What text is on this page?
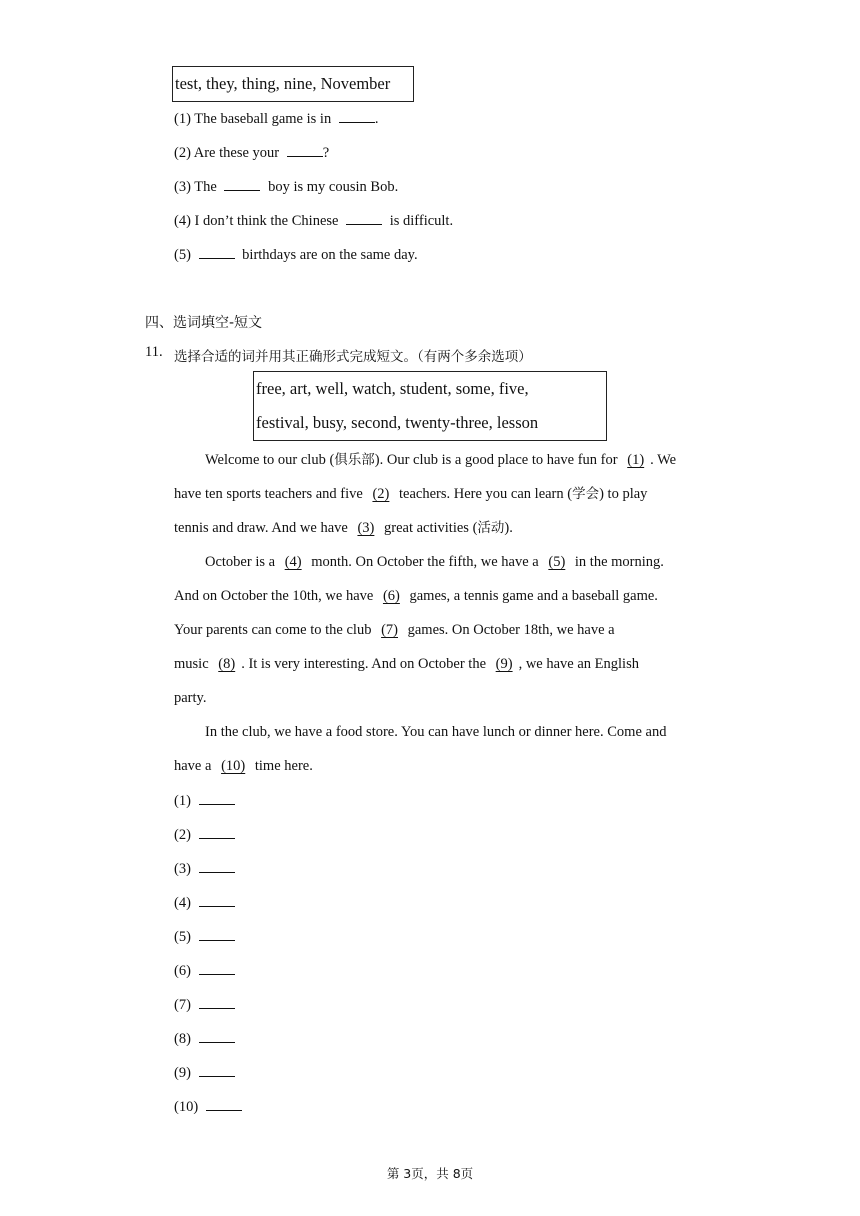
test, they, thing, nine, November
(1) The baseball game is in	.
(2) Are these your	?
(3) The	boy is my cousin Bob.
(4) I don’t think the Chinese	is difficult.
(5)	birthdays are on the same day.
四、选词填空-短文
11. 选择合适的词并用其正确形式完成短文。（有两个多余选项）
free, art, well, watch, student, some, five,
festival, busy, second, twenty-three, lesson
Welcome to our club (俱乐部). Our club is a good place to have fun for (1) . We
have ten sports teachers and five (2) teachers. Here you can learn (学会) to play
tennis and draw. And we have (3) great activities (活动).
October is a (4) month. On October the fifth, we have a (5) in the morning.
And on October the 10th, we have (6) games, a tennis game and a baseball game.
Your parents can come to the club (7) games. On October 18th, we have a
music (8) . It is very interesting. And on October the (9) , we have an English
party.
In the club, we have a food store. You can have lunch or dinner here. Come and
have a (10) time here.
(1)
(2)
(3)
(4)
(5)
(6)
(7)
(8)
(9)
(10)
第 3页，共 8页
